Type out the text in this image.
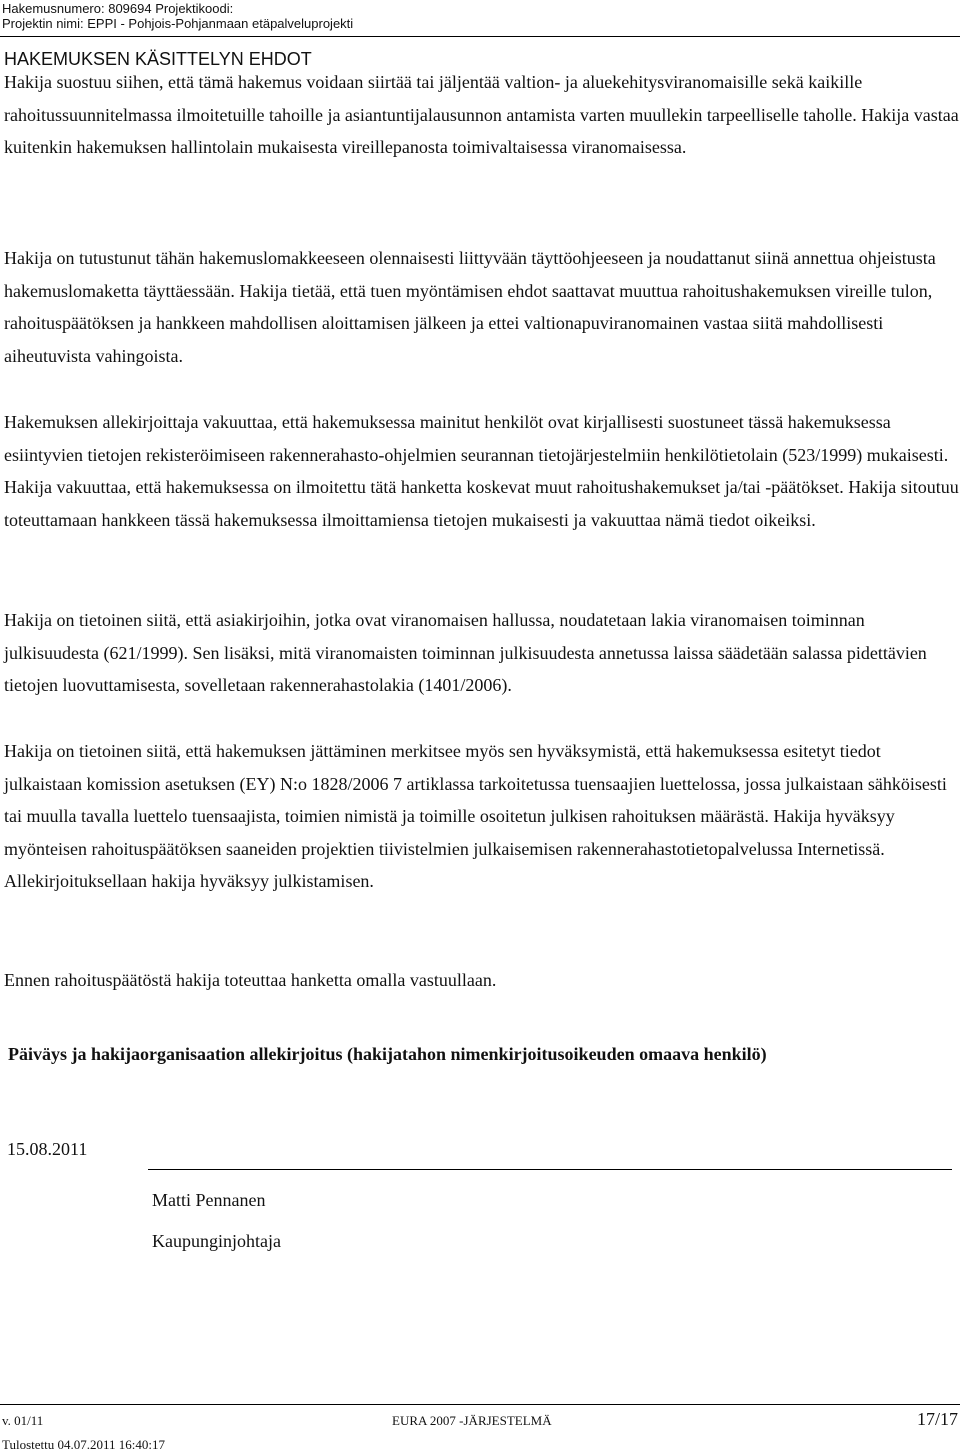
Hakemusnumero: 809694 Projektikoodi:
Projektin nimi: EPPI - Pohjois-Pohjanmaan etäpalveluprojekti
HAKEMUKSEN KÄSITTELYN EHDOT

Hakija suostuu siihen, että tämä hakemus voidaan siirtää tai jäljentää valtion- ja aluekehitysviranomaisille sekä kaikille rahoitussuunnitelmassa ilmoitetuille tahoille ja asiantuntijalausunnon antamista varten muullekin tarpeelliselle taholle. Hakija vastaa kuitenkin hakemuksen hallintolain mukaisesta vireillepanosta toimivaltaisessa viranomaisessa.

Hakija on tutustunut tähän hakemuslomakkeeseen olennaisesti liittyvään täyttöohjeeseen ja noudattanut siinä annettua ohjeistusta hakemuslomaketta täyttäessään. Hakija tietää, että tuen myöntämisen ehdot saattavat muuttua rahoitushakemuksen vireille tulon, rahoituspäätöksen ja hankkeen mahdollisen aloittamisen jälkeen ja ettei valtionapuviranomainen vastaa siitä mahdollisesti aiheutuvista vahingoista.

Hakemuksen allekirjoittaja vakuuttaa, että hakemuksessa mainitut henkilöt ovat kirjallisesti suostuneet tässä hakemuksessa esiintyvien tietojen rekisteröimiseen rakennerahasto-ohjelmien seurannan tietojärjestelmiin henkilötietolain (523/1999) mukaisesti. Hakija vakuuttaa, että hakemuksessa on ilmoitettu tätä hanketta koskevat muut rahoitushakemukset ja/tai -päätökset. Hakija sitoutuu toteuttamaan hankkeen tässä hakemuksessa ilmoittamiensa tietojen mukaisesti ja vakuuttaa nämä tiedot oikeiksi.

Hakija on tietoinen siitä, että asiakirjoihin, jotka ovat viranomaisen hallussa, noudatetaan lakia viranomaisen toiminnan julkisuudesta (621/1999). Sen lisäksi, mitä viranomaisten toiminnan julkisuudesta annetussa laissa säädetään salassa pidettävien tietojen luovuttamisesta, sovelletaan rakennerahastolakia (1401/2006).

Hakija on tietoinen siitä, että hakemuksen jättäminen merkitsee myös sen hyväksymistä, että hakemuksessa esitetyt tiedot julkaistaan komission asetuksen (EY) N:o 1828/2006 7 artiklassa tarkoitetussa tuensaajien luettelossa, jossa julkaistaan sähköisesti tai muulla tavalla luettelo tuensaajista, toimien nimistä ja toimille osoitetun julkisen rahoituksen määrästä. Hakija hyväksyy myönteisen rahoituspäätöksen saaneiden projektien tiivistelmien julkaisemisen rakennerahastotietopalvelussa Internetissä. Allekirjoituksellaan hakija hyväksyy julkistamisen.

Ennen rahoituspäätöstä hakija toteuttaa hanketta omalla vastuullaan.

Päiväys ja hakijaorganisaation allekirjoitus (hakijatahon nimenkirjoitusoikeuden omaava henkilö)
15.08.2011
Matti Pennanen
Kaupunginjohtaja
v. 01/11	EURA 2007 -JÄRJESTELMÄ	17/17
Tulostettu 04.07.2011 16:40:17
